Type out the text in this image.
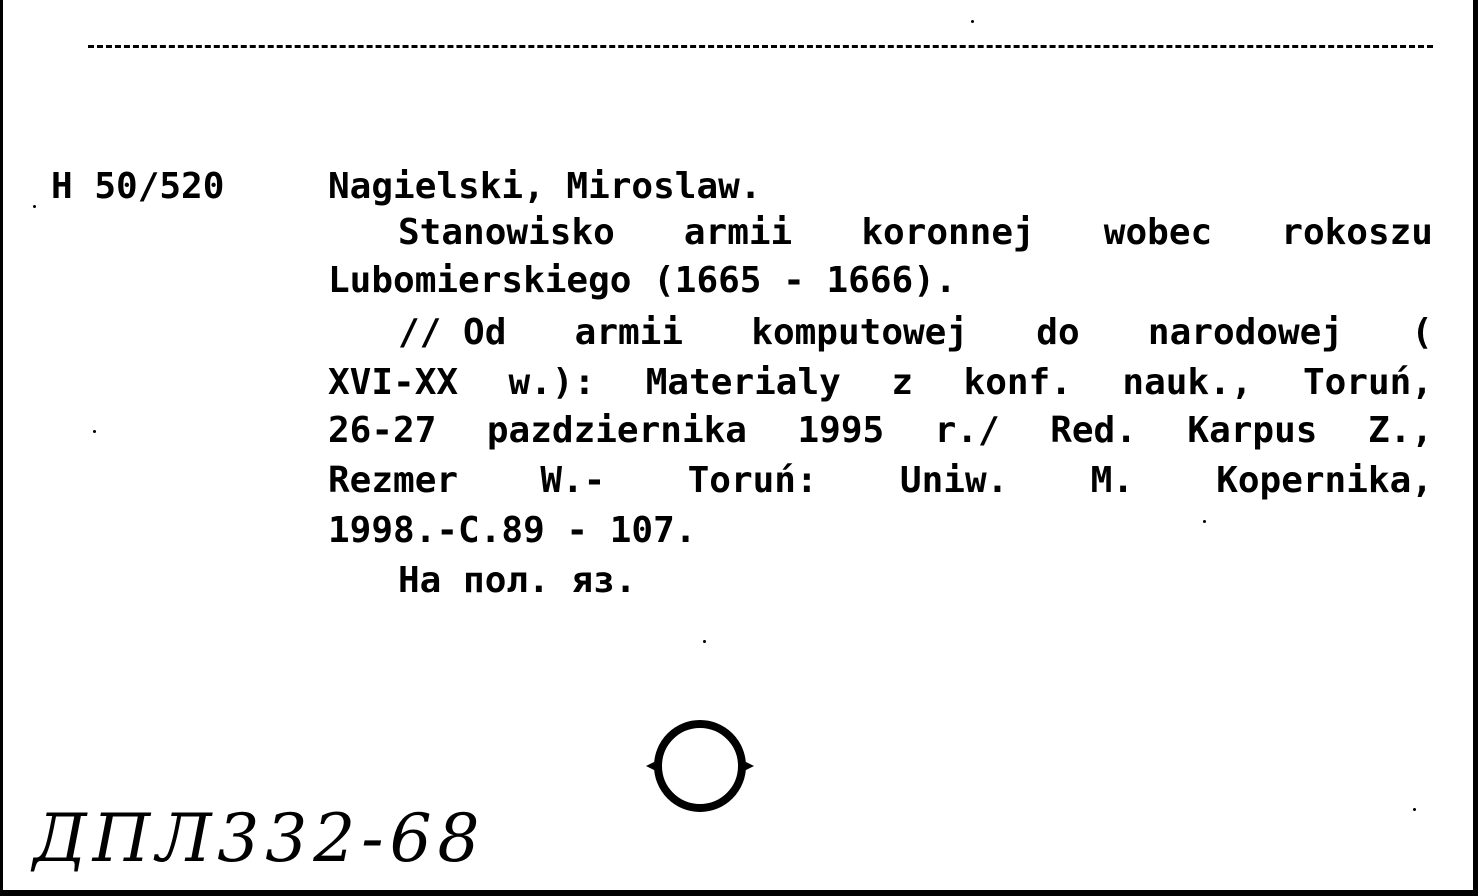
H 50/520	Nagielski, Miroslaw.
Stanowisko armii koronnej wobec rokoszu
Lubomierskiego (1665 - 1666).
// Od armii komputowej do narodowej (
XVI-XX w.): Materialy z konf. nauk., Toruń,
26-27 pazdziernika 1995 r./ Red. Karpus Z.,
Rezmer W.- Toruń: Uniw. M. Kopernika,
1998.-C.89 - 107.
На пол. яз.
ДПЛ332-68
